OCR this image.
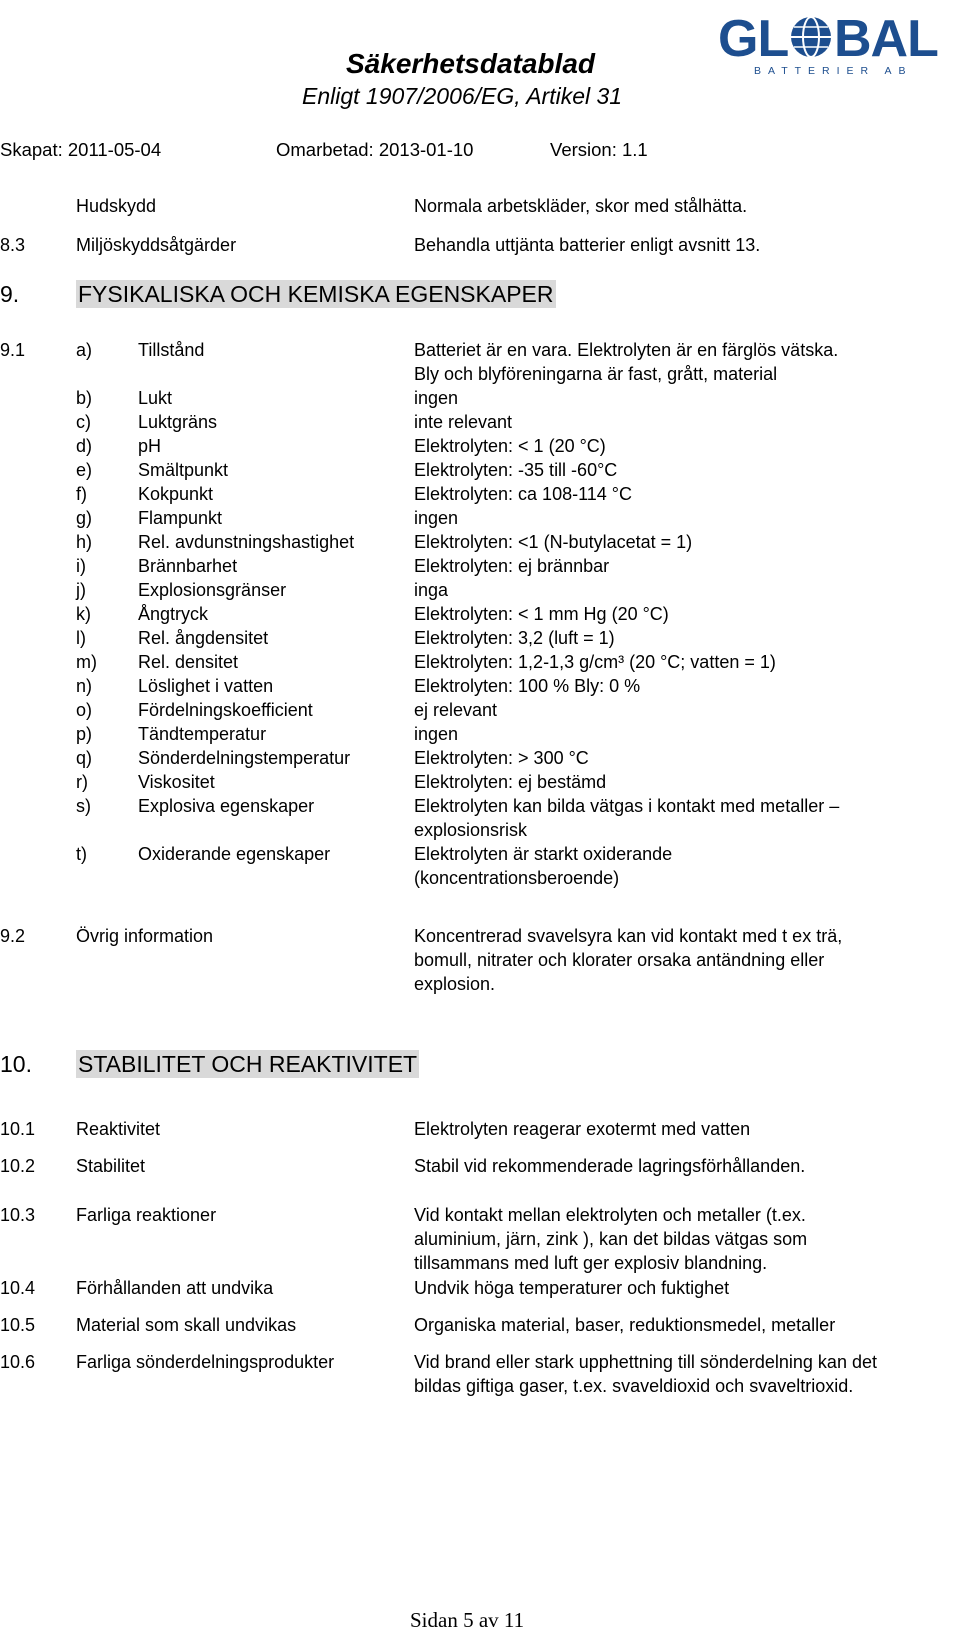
Säkerhetsdatablad
Enligt 1907/2006/EG, Artikel 31
GL BAL
BATTERIER AB
Skapat: 2011-05-04	Omarbetad: 2013-01-10	Version: 1.1
Hudskydd	Normala arbetskläder, skor med stålhätta.
8.3	Miljöskyddsåtgärder	Behandla uttjänta batterier enligt avsnitt 13.
9.	FYSIKALISKA OCH KEMISKA EGENSKAPER
9.1	a)	Tillstånd	Batteriet är en vara. Elektrolyten är en färglös vätska.
Bly och blyföreningarna är fast, grått, material
b)	Lukt	ingen
c)	Luktgräns	inte relevant
d)	pH	Elektrolyten: < 1 (20 °C)
e)	Smältpunkt	Elektrolyten: -35 till -60°C
f)	Kokpunkt	Elektrolyten: ca 108-114 °C
g)	Flampunkt	ingen
h)	Rel. avdunstningshastighet	Elektrolyten: <1 (N-butylacetat = 1)
i)	Brännbarhet	Elektrolyten: ej brännbar
j)	Explosionsgränser	inga
k)	Ångtryck	Elektrolyten: < 1 mm Hg (20 °C)
l)	Rel. ångdensitet	Elektrolyten: 3,2 (luft = 1)
m) Rel. densitet	Elektrolyten: 1,2-1,3 g/cm³ (20 °C; vatten = 1)
n)	Löslighet i vatten	Elektrolyten: 100 % Bly: 0 %
o)	Fördelningskoefficient	ej relevant
p)	Tändtemperatur	ingen
q)	Sönderdelningstemperatur	Elektrolyten: > 300 °C
r)	Viskositet	Elektrolyten: ej bestämd
s)	Explosiva egenskaper	Elektrolyten kan bilda vätgas i kontakt med metaller –
explosionsrisk
t)	Oxiderande egenskaper	Elektrolyten är starkt oxiderande
(koncentrationsberoende)
9.2	Övrig information	Koncentrerad svavelsyra kan vid kontakt med t ex trä,
bomull, nitrater och klorater orsaka antändning eller
explosion.
10. STABILITET OCH REAKTIVITET
10.1 Reaktivitet	Elektrolyten reagerar exotermt med vatten
10.2 Stabilitet	Stabil vid rekommenderade lagringsförhållanden.
10.3 Farliga reaktioner	Vid kontakt mellan elektrolyten och metaller (t.ex.
aluminium, järn, zink ), kan det bildas vätgas som
tillsammans med luft ger explosiv blandning.
10.4 Förhållanden att undvika	Undvik höga temperaturer och fuktighet
10.5 Material som skall undvikas	Organiska material, baser, reduktionsmedel, metaller
10.6 Farliga sönderdelningsprodukter	Vid brand eller stark upphettning till sönderdelning kan det
bildas giftiga gaser, t.ex. svaveldioxid och svaveltrioxid.
Sidan 5 av 11
